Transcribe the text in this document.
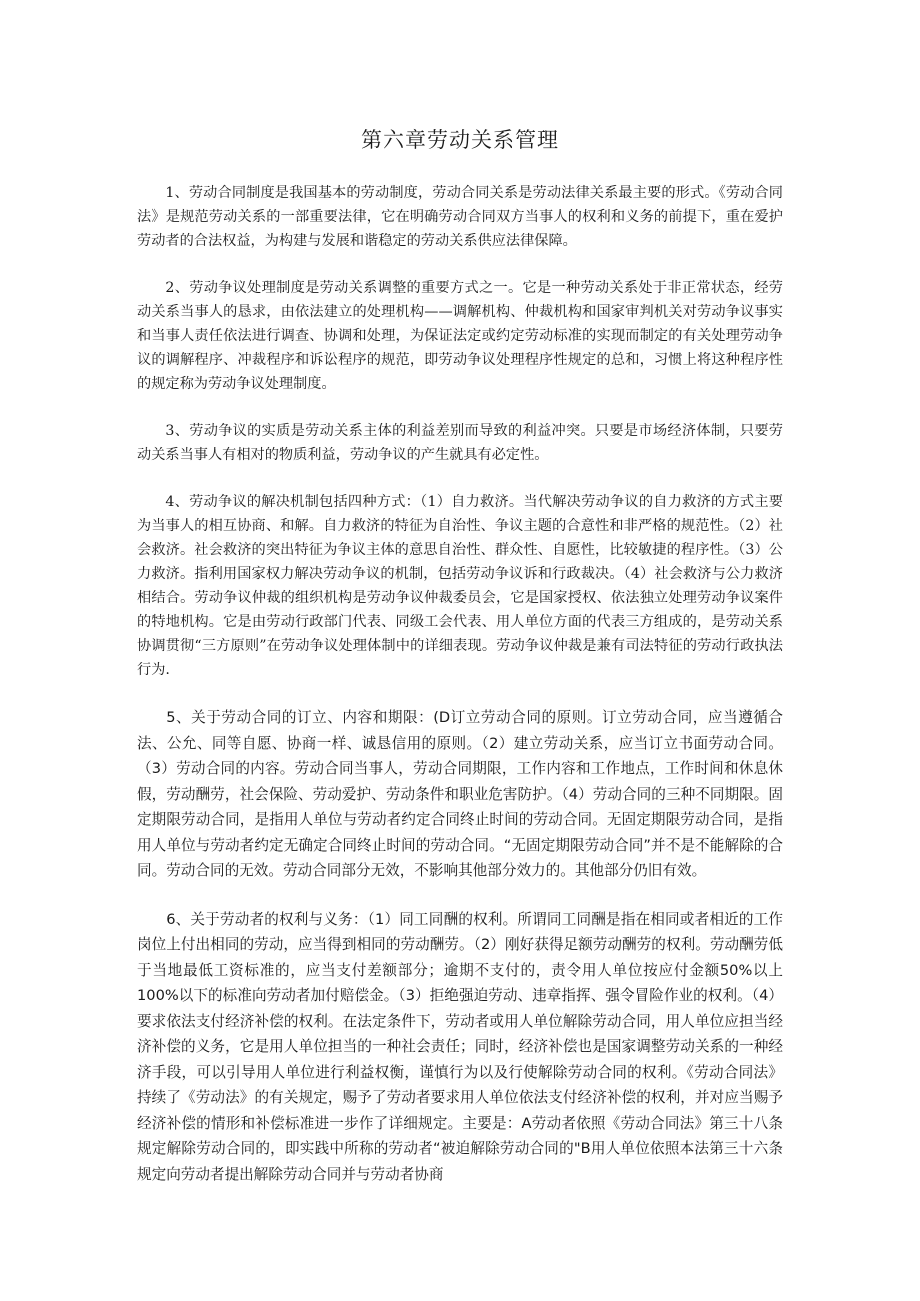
第六章劳动关系管理

1、劳动合同制度是我国基本的劳动制度，劳动合同关系是劳动法律关系最主要的形式。《劳动合同法》是规范劳动关系的一部重要法律，它在明确劳动合同双方当事人的权利和义务的前提下，重在爱护劳动者的合法权益，为构建与发展和谐稳定的劳动关系供应法律保障。

2、劳动争议处理制度是劳动关系调整的重要方式之一。它是一种劳动关系处于非正常状态，经劳动关系当事人的恳求，由依法建立的处理机构——调解机构、仲裁机构和国家审判机关对劳动争议事实和当事人责任依法进行调查、协调和处理，为保证法定或约定劳动标准的实现而制定的有关处理劳动争议的调解程序、冲裁程序和诉讼程序的规范，即劳动争议处理程序性规定的总和，习惯上将这种程序性的规定称为劳动争议处理制度。

3、劳动争议的实质是劳动关系主体的利益差别而导致的利益冲突。只要是市场经济体制，只要劳动关系当事人有相对的物质利益，劳动争议的产生就具有必定性。

4、劳动争议的解决机制包括四种方式：（1）自力救济。当代解决劳动争议的自力救济的方式主要为当事人的相互协商、和解。自力救济的特征为自治性、争议主题的合意性和非严格的规范性。（2）社会救济。社会救济的突出特征为争议主体的意思自治性、群众性、自愿性，比较敏捷的程序性。（3）公力救济。指利用国家权力解决劳动争议的机制，包括劳动争议诉和行政裁决。（4）社会救济与公力救济相结合。劳动争议仲裁的组织机构是劳动争议仲裁委员会，它是国家授权、依法独立处理劳动争议案件的特地机构。它是由劳动行政部门代表、同级工会代表、用人单位方面的代表三方组成的，是劳动关系协调贯彻“三方原则”在劳动争议处理体制中的详细表现。劳动争议仲裁是兼有司法特征的劳动行政执法行为.

5、关于劳动合同的订立、内容和期限：(D订立劳动合同的原则。订立劳动合同，应当遵循合法、公允、同等自愿、协商一样、诚恳信用的原则。（2）建立劳动关系，应当订立书面劳动合同。（3）劳动合同的内容。劳动合同当事人，劳动合同期限，工作内容和工作地点，工作时间和休息休假，劳动酬劳，社会保险、劳动爱护、劳动条件和职业危害防护。（4）劳动合同的三种不同期限。固定期限劳动合同，是指用人单位与劳动者约定合同终止时间的劳动合同。无固定期限劳动合同，是指用人单位与劳动者约定无确定合同终止时间的劳动合同。“无固定期限劳动合同”并不是不能解除的合同。劳动合同的无效。劳动合同部分无效，不影响其他部分效力的。其他部分仍旧有效。

6、关于劳动者的权利与义务：（1）同工同酬的权利。所谓同工同酬是指在相同或者相近的工作岗位上付出相同的劳动，应当得到相同的劳动酬劳。（2）刚好获得足额劳动酬劳的权利。劳动酬劳低于当地最低工资标准的，应当支付差额部分；逾期不支付的，责令用人单位按应付金额50%以上100%以下的标准向劳动者加付赔偿金。（3）拒绝强迫劳动、违章指挥、强令冒险作业的权利。（4）要求依法支付经济补偿的权利。在法定条件下，劳动者或用人单位解除劳动合同，用人单位应担当经济补偿的义务，它是用人单位担当的一种社会责任；同时，经济补偿也是国家调整劳动关系的一种经济手段，可以引导用人单位进行利益权衡，谨慎行为以及行使解除劳动合同的权利。《劳动合同法》持续了《劳动法》的有关规定，赐予了劳动者要求用人单位依法支付经济补偿的权利，并对应当赐予经济补偿的情形和补偿标准进一步作了详细规定。主要是：A劳动者依照《劳动合同法》第三十八条规定解除劳动合同的，即实践中所称的劳动者“被迫解除劳动合同的"B用人单位依照本法第三十六条规定向劳动者提出解除劳动合同并与劳动者协商
